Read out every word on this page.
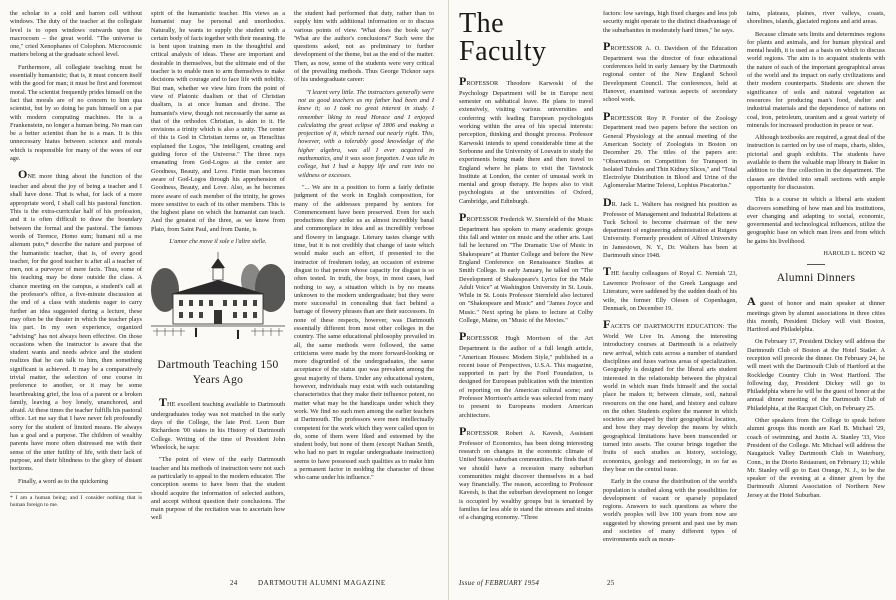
the scholar to a cold and barren cell without windows. The duty of the teacher at the collegiate level is to open windows outwards upon the macrocosm – the great world. "The universe is one," cried Xenophanes of Colophon. Microcosmic matters belong at the graduate school level.

Furthermore, all collegiate teaching must be essentially humanistic; that is, it must concern itself with the good for man; it must be first and foremost moral. The scientist frequently prides himself on the fact that morals are of no concern to him qua scientist, but by so doing he puts himself on a par with modern computing machines. He is a Frankenstein, no longer a human being. No man can be a better scientist than he is a man. It is this unnecessary hiatus between science and morals which is responsible for many of the woes of our age.

ONE more thing about the function of the teacher and about the joy of being a teacher and I shall have done. That is what, for lack of a more appropriate word, I shall call his pastoral function. This is the extra-curricular half of his profession, and it is often difficult to draw the boundary between the formal and the pastoral. The famous words of Terence, Homo sum; humani nil a me alienum puto,* describe the nature and purpose of the humanistic teacher, that is, of every good teacher, for the good teacher is after all a teacher of men, not a purveyor of mere facts. Thus, some of his teaching may be done outside the class. A chance meeting on the campus, a student's call at the professor's office, a five-minute discussion at the end of a class with students eager to carry further an idea suggested during a lecture, these may often be the theater in which the teacher plays his part. In my own experience, organized "advising" has not always been effective. On those occasions when the instructor is aware that the student wants and needs advice and the student realizes that he can talk to him, then something significant is achieved. It may be a comparatively trivial matter, the selection of one course in preference to another, or it may be some heartbreaking grief, the loss of a parent or a broken family, leaving a boy lonely, unanchored, and afraid. At these times the teacher fulfills his pastoral office. Let me say that I have never felt profoundly sorry for the student of limited means. He always has a goal and a purpose. The children of wealthy parents have more often distressed me with their sense of the utter futility of life, with their lack of purpose, and their blindness to the glory of distant horizons.

Finally, a word as to the quickening

* I am a human being; and I consider nothing that is human foreign to me.

spirit of the humanistic teacher. His views as a humanist may be personal and unorthodox. Naturally, he wants to supply the student with a certain body of facts together with their meaning. He is bent upon training men in the thoughtful and critical analysis of ideas. These are important and desirable in themselves, but the ultimate end of the teacher is to enable men to arm themselves to make decisions with courage and to face life with nobility. But man, whether we view him from the point of view of Platonic dualism or that of Christian dualism, is at once human and divine. The humanist's view, though not necessarily the same as that of the orthodox Christian, is akin to it. He envisions a trinity which is also a unity. The center of this is God in Christian terms or, as Heraclitus explained the Logos, "the intelligent, creating and guiding force of the Universe." The three rays emanating from God-Logos at the center are Goodness, Beauty, and Love. Finite man becomes aware of God-Logos through his apprehension of Goodness, Beauty, and Love. Also, as he becomes more aware of each member of the trinity, he grows more sensitive to each of its other members. This is the highest plane on which the humanist can teach. And the greatest of the three, as we know from Plato, from Saint Paul, and from Dante, is

L'amor che move il sole e l'altre stelle.

Dartmouth Teaching 150 Years Ago

THE excellent teaching available to Dartmouth undergraduates today was not matched in the early days of the College, the late Prof. Leon Burr Richardson '00 states in his History of Dartmouth College. Writing of the time of President John Wheelock, he says:

"The point of view of the early Dartmouth teacher and his methods of instruction were not such as particularly to appeal to the modern educator. The conception seems to have been that the student should acquire the information of selected authors, and accept without question their conclusions. The main purpose of the recitation was to ascertain how well

the student had performed that duty, rather than to supply him with additional information or to discuss various points of view. 'What does the book say?' 'What are the author's conclusions?' Such were the questions asked, not as preliminary to further development of the theme, but as the end of the matter. Then, as now, some of the students were very critical of the prevailing methods. Thus George Ticknor says of his undergraduate career:

"I learnt very little. The instructors generally were not as good teachers as my father had been and I knew it; so I took no great interest in study. I remember liking to read Horace and I enjoyed calculating the great eclipse of 1806 and making a projection of it, which turned out nearly right. This, however, with a tolerably good knowledge of the higher algebra, was all I ever acquired in mathematics, and it was soon forgotten. I was idle in college, but I had a happy life and ran into no wildness or excesses.

"... We are in a position to form a fairly definite judgment of the work in English composition, for many of the addresses prepared by seniors for Commencement have been preserved. Even for such productions they strike us as almost incredibly banal and commonplace in idea and as incredibly verbose and flowery in language. Literary tastes change with time, but it is not credibly that change of taste which would make such an effort, if presented to the instructor of freshmen today, an occasion of extreme disgust to that person whose capacity for disgust is so often tested. In truth, the boys, in most cases, had nothing to say, a situation which is by no means unknown to the modern undergraduate; but they were more successful in concealing that fact behind a barrage of flowery phrases than are their successors. In none of these respects, however, was Dartmouth essentially different from most other colleges in the country. The same educational philosophy prevailed in all, the same methods were followed, the same criticisms were made by the more forward-looking or more disgruntled of the undergraduates, the same acceptance of the status quo was prevalent among the great majority of them. Under any educational system, however, individuals may exist with such outstanding characteristics that they make their influence potent, no matter what may be the handicaps under which they work. We find no such men among the earlier teachers at Dartmouth. The professors were men intellectually competent for the work which they were called upon to do, some of them were liked and esteemed by the student body, but none of them (except Nathan Smith, who had no part in regular undergraduate instruction) seems to have possessed such qualities as to make him a permanent factor in molding the character of those who came under his influence."

24	DARTMOUTH ALUMNI MAGAZINE
The Faculty

PROFESSOR Theodore Karwoski of the Psychology Department will be in Europe next semester on sabbatical leave. He plans to travel extensively, visiting various universities and conferring with leading European psychologists working within the area of his special interests: perception, thinking and thought process. Professor Karwoski intends to spend considerable time at the Sorbonne and the University of Louvain to study the experiments being made there and then travel to England where he plans to visit the Tavistock Institute at London, the center of unusual work in mental and group therapy. He hopes also to visit psychologists at the universities of Oxford, Cambridge, and Edinburgh.

PROFESSOR Frederick W. Sternfeld of the Music Department has spoken to many academic groups this fall and winter on music and the other arts. Last fall he lectured on "The Dramatic Use of Music in Shakespeare" at Hunter College and before the New England Conference on Renaissance Studies at Smith College. In early January, he talked on "The Development of Shakespeare's Lyrics for the Male Adult Voice" at Washington University in St. Louis. While in St. Louis Professor Sternfeld also lectured on "Shakespeare and Music" and "James Joyce and Music." Next spring he plans to lecture at Colby College, Maine, on "Music of the Movies."

PROFESSOR Hugh Morrison of the Art Department is the author of a full length article, "American Houses: Modern Style," published in a recent issue of Perspectives, U.S.A. This magazine, supported in part by the Ford Foundation, is designed for European publication with the intention of reporting on the American cultural scene; and Professor Morrison's article was selected from many to present to Europeans modern American architecture.

PROFESSOR Robert A. Kavesh, Assistant Professor of Economics, has been doing interesting research on changes in the economic climate of United States suburban communities. He finds that if we should have a recession many suburban communities might discover themselves in a bad way financially. The reason, according to Professor Kavesh, is that the suburban development no longer is occupied by wealthy groups but is tenanted by families far less able to stand the stresses and strains of a changing economy. "Three

factors: low savings, high fixed charges and less job security might operate to the distinct disadvantage of the suburbanites in moderately hard times," he says.

PROFESSOR A. O. Davidson of the Education Department was the director of four educational conferences held in early January by the Dartmouth regional center of the New England School Development Council. The conferences, held at Hanover, examined various aspects of secondary school work.

PROFESSOR Roy P. Forster of the Zoology Department read two papers before the section on General Physiology at the annual meeting of the American Society of Zoologists in Boston on December 29. The titles of the papers are: "Observations on Competition for Transport in Isolated Tubules and Thin Kidney Slices," and "Total Electrolyte Distribution in Blood and Urine of the Aglomerular Marine Teleost, Lophius Piscatorius."

DR. Jack L. Walters has resigned his position as Professor of Management and Industrial Relations at Tuck School to become chairman of the new department of engineering administration at Rutgers University. Formerly president of Alfred University in Jamestown, N. Y., Dr. Walters has been at Dartmouth since 1948.

THE faculty colleagues of Royal C. Nemiah '23, Lawrence Professor of the Greek Language and Literature, were saddened by the sudden death of his wife, the former Elly Olesen of Copenhagen, Denmark, on December 19.

FACETS OF DARTMOUTH EDUCATION: The World We Live In. Among the interesting introductory courses at Dartmouth is a relatively new arrival, which cuts across a number of standard disciplines and fuses various areas of specialization. Geography is designed for the liberal arts student interested in the relationship between the physical world in which man finds himself and the social place he makes it; between climate, soil, natural resources on the one hand, and history and culture on the other. Students explore the manner in which societies are shaped by their geographical location, and how they may develop the means by which geographical limitations have been transcended or turned into assets. The course brings together the fruits of such studies as history, sociology, economics, geology and meteorology, in so far as they bear on the central issue.

Early in the course the distribution of the world's population is studied along with the possibilities for development of vacant or sparsely populated regions. Answers to such questions as where the world's peoples will live 100 years from now are suggested by showing present and past use by man and societies of many different types of environments such as moun-

tains, plateaus, plaines, river valleys, coasts, shorelines, islands, glaciated regions and arid areas.

Because climate sets limits and determines regions for plants and animals, and for human physical and mental health, it is used as a basis on which to discuss world regions. The aim is to acquaint students with the nature of each of the important geographical areas of the world and its impact on early civilizations and their modern counterparts. Students are shown the significance of soils and natural vegetation as resources for producing man's food, shelter and industrial materials and the dependence of nations on coal, iron, petroleum, uranium and a great variety of minerals for increased production in peace or war.

Although textbooks are required, a great deal of the instruction is carried on by use of maps, charts, slides, pictorial and graph exhibits. The students have available to them the valuable map library in Baker in addition to the fine collection in the department. The classes are divided into small sections with ample opportunity for discussion.

This is a course in which a liberal arts student discovers something of how man and his institutions, ever changing and adapting to social, economic, governmental and technological influences, utilize the geographic base on which man lives and from which he gains his livelihood.

HAROLD L. BOND '42

Alumni Dinners

A guest of honor and main speaker at dinner meetings given by alumni associations in three cities this month, President Dickey will visit Boston, Hartford and Philadelphia.

On February 17, President Dickey will address the Dartmouth Club of Boston at the Hotel Statler. A reception will precede the dinner. On February 24, he will meet with the Dartmouth Club of Hartford at the Rockledge Country Club in West Hartford. The following day, President Dickey will go to Philadelphia where he will be the guest of honor at the annual dinner meeting of the Dartmouth Club of Philadelphia, at the Racquet Club, on February 25.

Other speakers from the College to speak before alumni groups this month are Karl B. Michael '29, coach of swimming, and Justin A. Stanley '33, Vice President of the College. Mr. Michael will address the Naugatuck Valley Dartmouth Club in Waterbury, Conn., in the Diorio Restaurant, on February 11; while Mr. Stanley will go to East Orange, N. J., to be the speaker of the evening at a dinner given by the Dartmouth Alumni Association of Northern New Jersey at the Hotel Suburban.

Issue of FEBRUARY 1954	25
